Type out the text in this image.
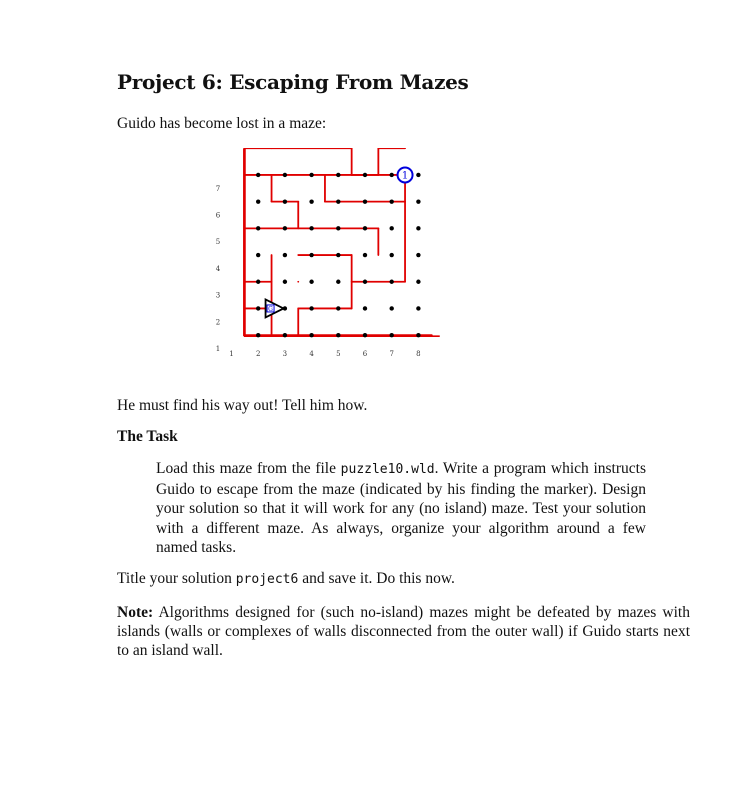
Project 6: Escaping From Mazes

Guido has become lost in a maze:

1	2	3	4	5	6	7	8
1
2
3
4
5
6
7
1
G

He must find his way out! Tell him how.

The Task

Load this maze from the file puzzle10.wld. Write a program which instructs Guido to escape from the maze (indicated by his finding the marker). Design your solution so that it will work for any (no island) maze. Test your solution with a different maze. As always, organize your algorithm around a few named tasks.

Title your solution project6 and save it. Do this now.

Note: Algorithms designed for (such no-island) mazes might be defeated by mazes with islands (walls or complexes of walls disconnected from the outer wall) if Guido starts next to an island wall.
